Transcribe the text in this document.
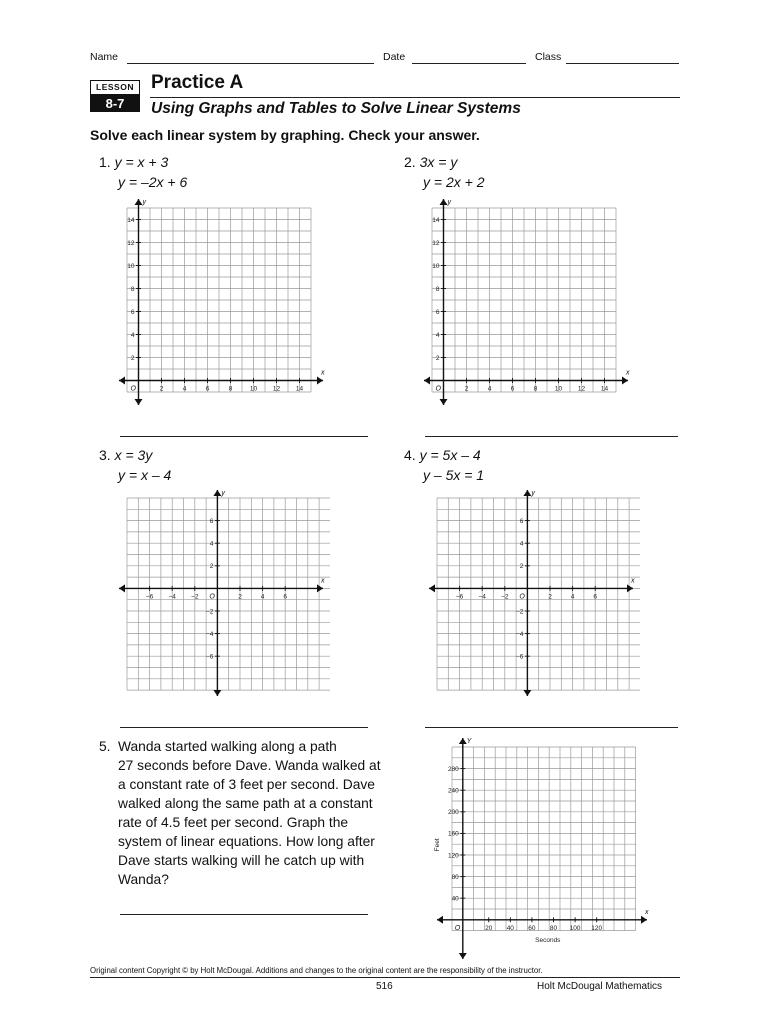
Name	Date	Class
LESSON
8-7
Practice A
Using Graphs and Tables to Solve Linear Systems
Solve each linear system by graphing. Check your answer.
1. y = x + 3
y = –2x + 6
2. 3x = y
y = 2x + 2
x
y
O	2	4	6	8	10 12 14
14
12
10
8
6
4
2
x
y
O	2	4	6	8	10 12 14
14
12
10
8
6
4
2
3. x = 3y
y = x – 4
4. y = 5x – 4
y – 5x = 1
x
y
O
−6 −4 −2	2	4	6
6
4
2
−2
−4
−6
x
y
O
−6 −4 −2	2	4	6
6
4
2
−2
−4
−6
5. Wanda started walking along a path
27 seconds before Dave. Wanda walked at
a constant rate of 3 feet per second. Dave
walked along the same path at a constant
rate of 4.5 feet per second. Graph the
system of linear equations. How long after
Dave starts walking will he catch up with
Wanda?
x
Y
O	20 40 60 80 100 120
280
240
200
160
120
80
40
Seconds
Feet
Original content Copyright © by Holt McDougal. Additions and changes to the original content are the responsibility of the instructor.
516	Holt McDougal Mathematics
